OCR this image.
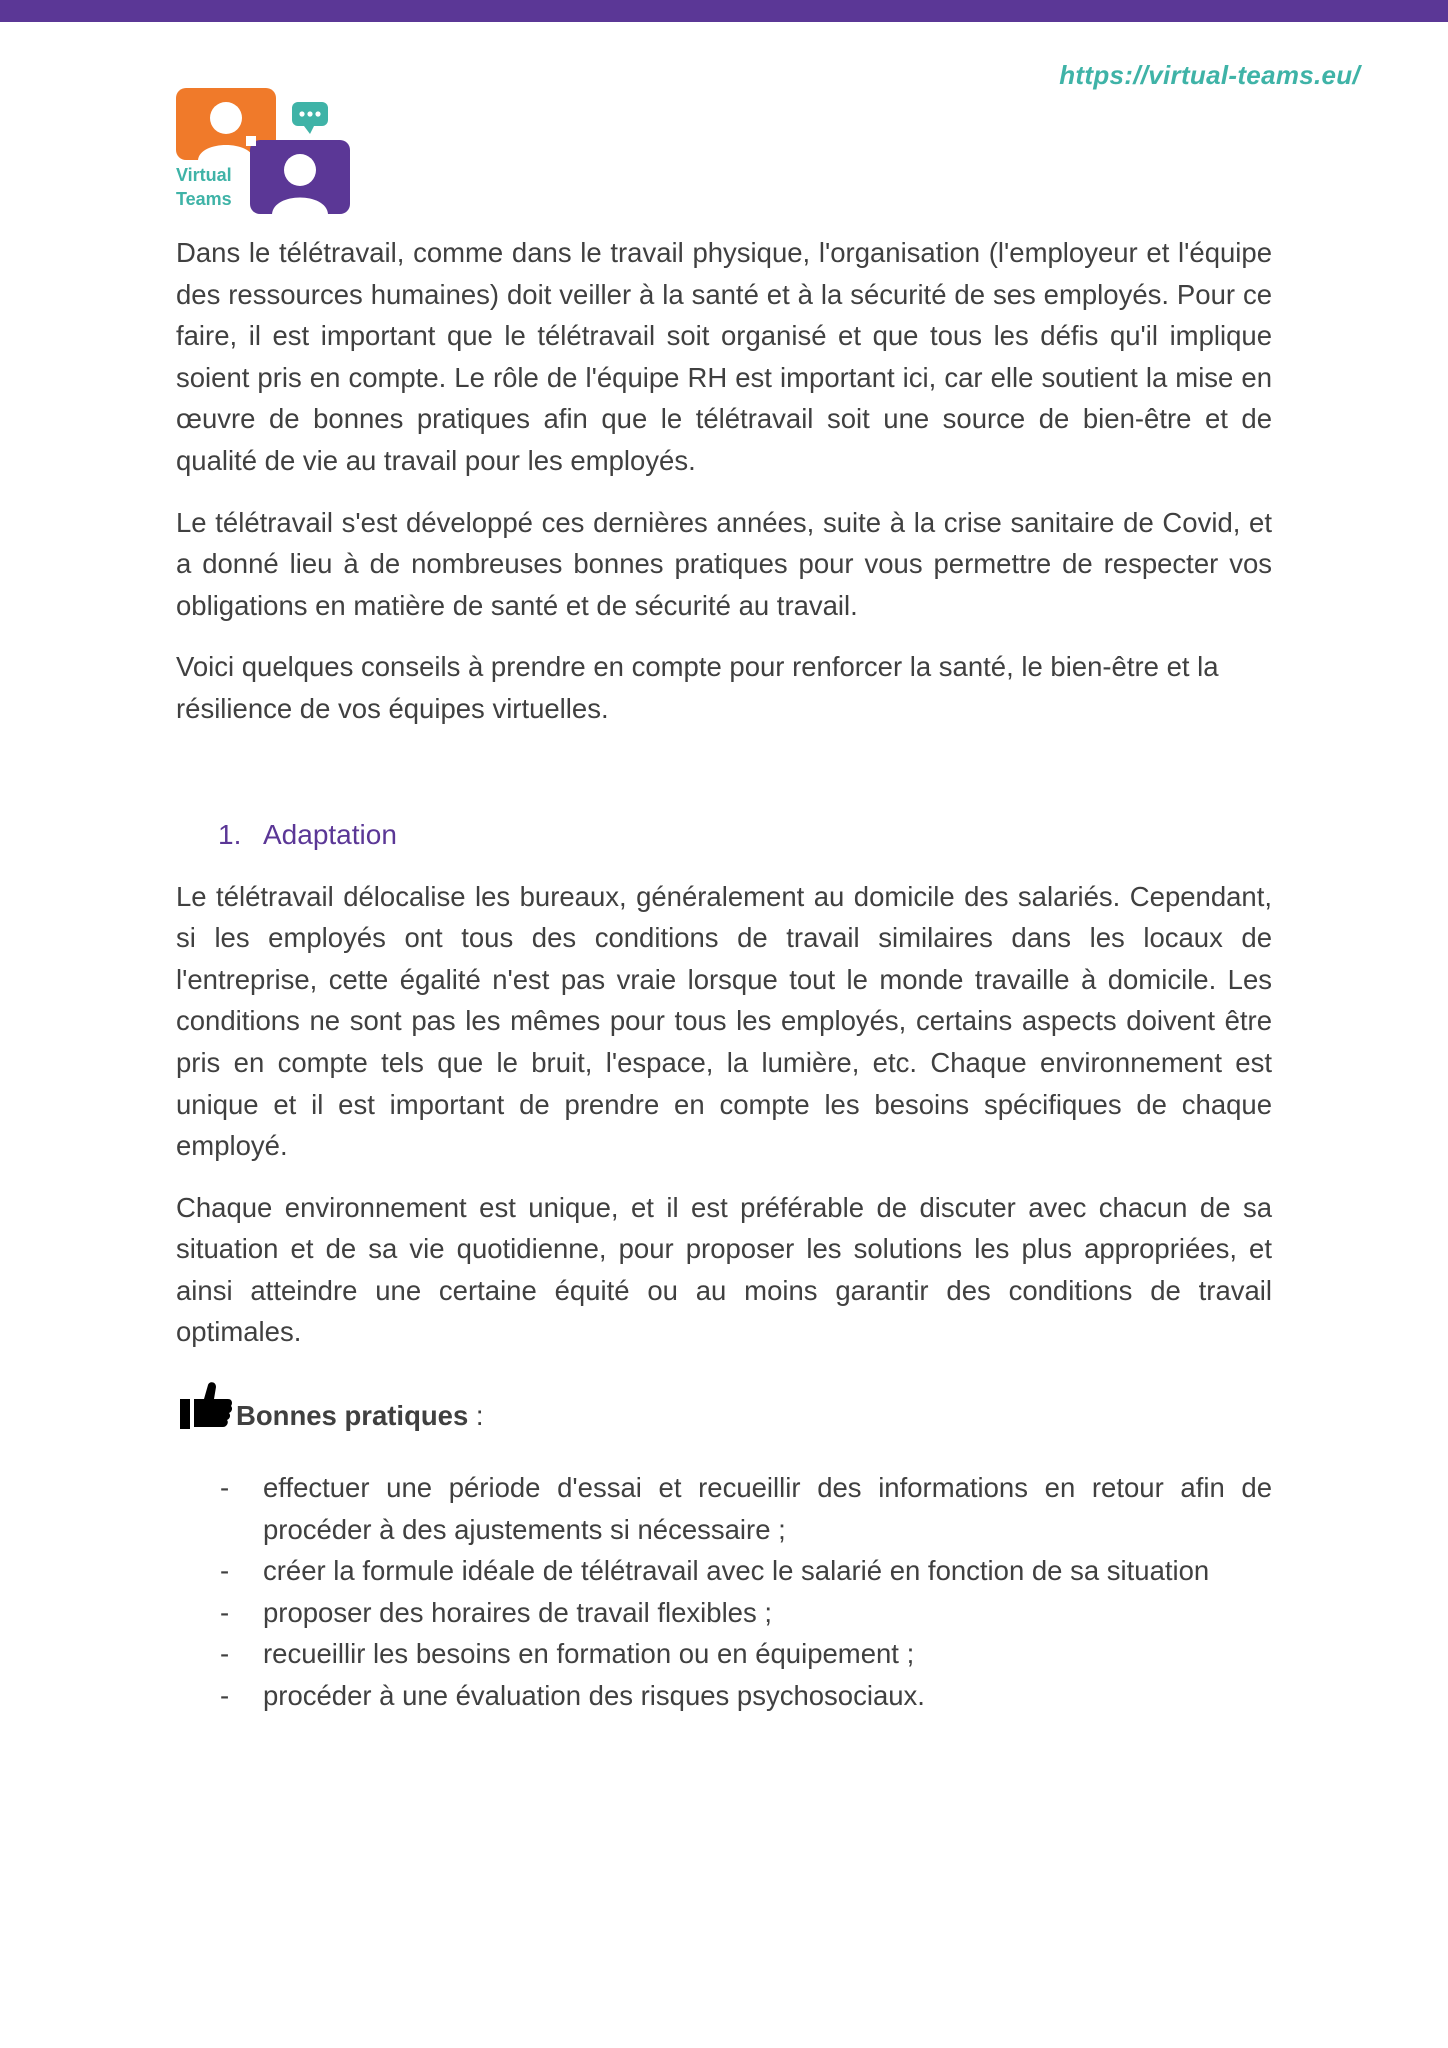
https://virtual-teams.eu/
Virtual
Teams

Dans le télétravail, comme dans le travail physique, l'organisation (l'employeur et l'équipe des ressources humaines) doit veiller à la santé et à la sécurité de ses employés. Pour ce faire, il est important que le télétravail soit organisé et que tous les défis qu'il implique soient pris en compte. Le rôle de l'équipe RH est important ici, car elle soutient la mise en œuvre de bonnes pratiques afin que le télétravail soit une source de bien-être et de qualité de vie au travail pour les employés.

Le télétravail s'est développé ces dernières années, suite à la crise sanitaire de Covid, et a donné lieu à de nombreuses bonnes pratiques pour vous permettre de respecter vos obligations en matière de santé et de sécurité au travail.

Voici quelques conseils à prendre en compte pour renforcer la santé, le bien-être et la résilience de vos équipes virtuelles.

1. Adaptation

Le télétravail délocalise les bureaux, généralement au domicile des salariés. Cependant, si les employés ont tous des conditions de travail similaires dans les locaux de l'entreprise, cette égalité n'est pas vraie lorsque tout le monde travaille à domicile. Les conditions ne sont pas les mêmes pour tous les employés, certains aspects doivent être pris en compte tels que le bruit, l'espace, la lumière, etc. Chaque environnement est unique et il est important de prendre en compte les besoins spécifiques de chaque employé.

Chaque environnement est unique, et il est préférable de discuter avec chacun de sa situation et de sa vie quotidienne, pour proposer les solutions les plus appropriées, et ainsi atteindre une certaine équité ou au moins garantir des conditions de travail optimales.

Bonnes pratiques :
- effectuer une période d'essai et recueillir des informations en retour afin de procéder à des ajustements si nécessaire ;
- créer la formule idéale de télétravail avec le salarié en fonction de sa situation
- proposer des horaires de travail flexibles ;
- recueillir les besoins en formation ou en équipement ;
- procéder à une évaluation des risques psychosociaux.
